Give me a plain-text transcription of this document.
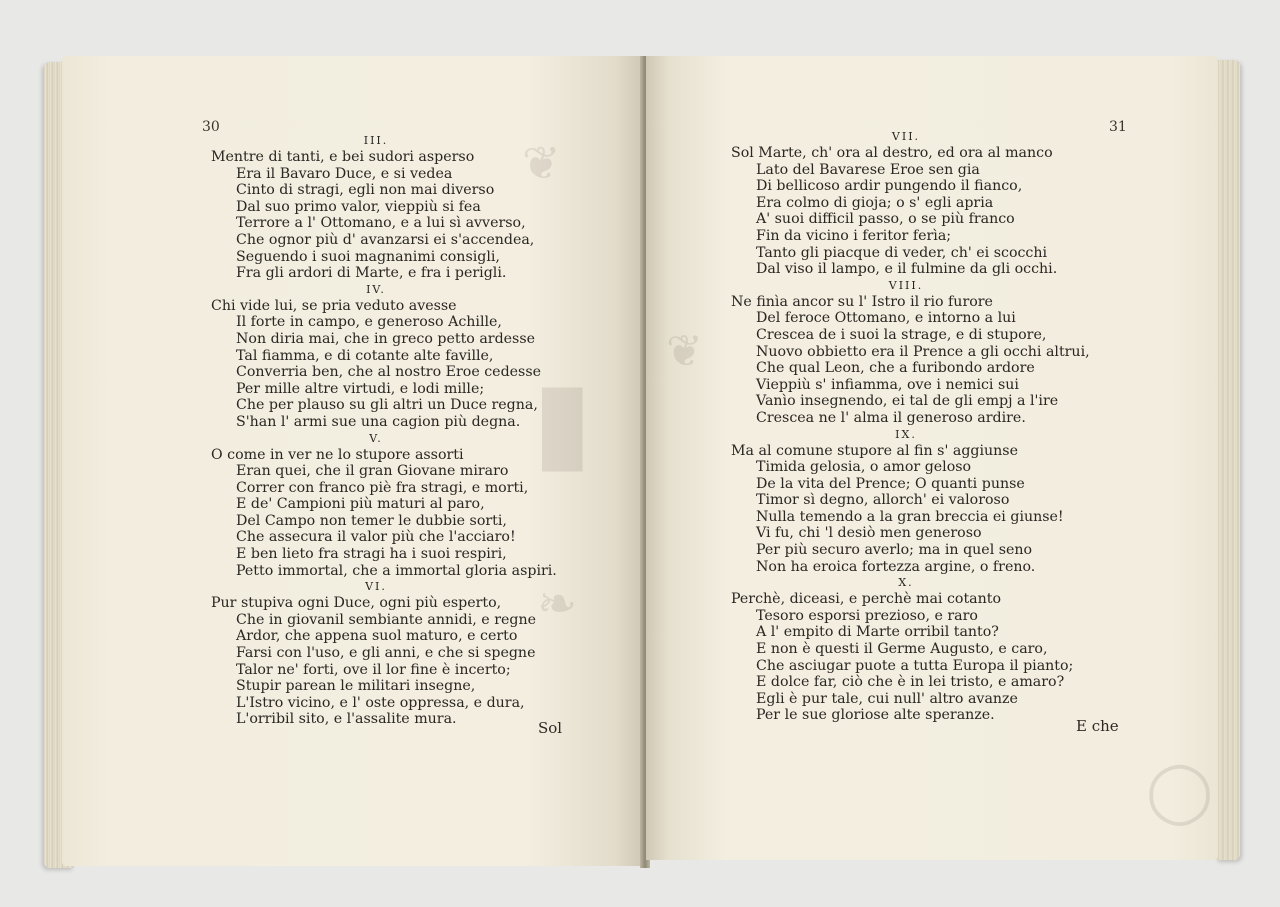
❦
▮
❧
30
III.
Mentre di tanti, e bei sudori asperso
Era il Bavaro Duce, e si vedea
Cinto di stragi, egli non mai diverso
Dal suo primo valor, vieppiù si fea
Terrore a l' Ottomano, e a lui sì avverso,
Che ognor più d' avanzarsi ei s'accendea,
Seguendo i suoi magnanimi consigli,
Fra gli ardori di Marte, e fra i perigli.
IV.
Chi vide lui, se pria veduto avesse
Il forte in campo, e generoso Achille,
Non diria mai, che in greco petto ardesse
Tal fiamma, e di cotante alte faville,
Converria ben, che al nostro Eroe cedesse
Per mille altre virtudi, e lodi mille;
Che per plauso su gli altri un Duce regna,
S'han l' armi sue una cagion più degna.
V.
O come in ver ne lo stupore assorti
Eran quei, che il gran Giovane miraro
Correr con franco piè fra stragi, e morti,
E de' Campioni più maturi al paro,
Del Campo non temer le dubbie sorti,
Che assecura il valor più che l'acciaro!
E ben lieto fra stragi ha i suoi respiri,
Petto immortal, che a immortal gloria aspiri.
VI.
Pur stupiva ogni Duce, ogni più esperto,
Che in giovanil sembiante annidi, e regne
Ardor, che appena suol maturo, e certo
Farsi con l'uso, e gli anni, e che si spegne
Talor ne' forti, ove il lor fine è incerto;
Stupir parean le militari insegne,
L'Istro vicino, e l' oste oppressa, e dura,
L'orribil sito, e l'assalite mura.	Sol
❦
◯
31
VII.
Sol Marte, ch' ora al destro, ed ora al manco
Lato del Bavarese Eroe sen gia
Di bellicoso ardir pungendo il fianco,
Era colmo di gioja; o s' egli apria
A' suoi difficil passo, o se più franco
Fin da vicino i feritor ferìa;
Tanto gli piacque di veder, ch' ei scocchi
Dal viso il lampo, e il fulmine da gli occhi.
VIII.
Ne finìa ancor su l' Istro il rio furore
Del feroce Ottomano, e intorno a lui
Crescea de i suoi la strage, e di stupore,
Nuovo obbietto era il Prence a gli occhi altrui,
Che qual Leon, che a furibondo ardore
Vieppiù s' infiamma, ove i nemici sui
Vanìo insegnendo, ei tal de gli empj a l'ire
Crescea ne l' alma il generoso ardire.
IX.
Ma al comune stupore al fin s' aggiunse
Timida gelosia, o amor geloso
De la vita del Prence; O quanti punse
Timor sì degno, allorch' ei valoroso
Nulla temendo a la gran breccia ei giunse!
Vi fu, chi 'l desiò men generoso
Per più securo averlo; ma in quel seno
Non ha eroica fortezza argine, o freno.
X.
Perchè, diceasi, e perchè mai cotanto
Tesoro esporsi prezioso, e raro
A l' empito di Marte orribil tanto?
E non è questi il Germe Augusto, e caro,
Che asciugar puote a tutta Europa il pianto;
E dolce far, ciò che è in lei tristo, e amaro?
Egli è pur tale, cui null' altro avanze
Per le sue gloriose alte speranze.
E che
